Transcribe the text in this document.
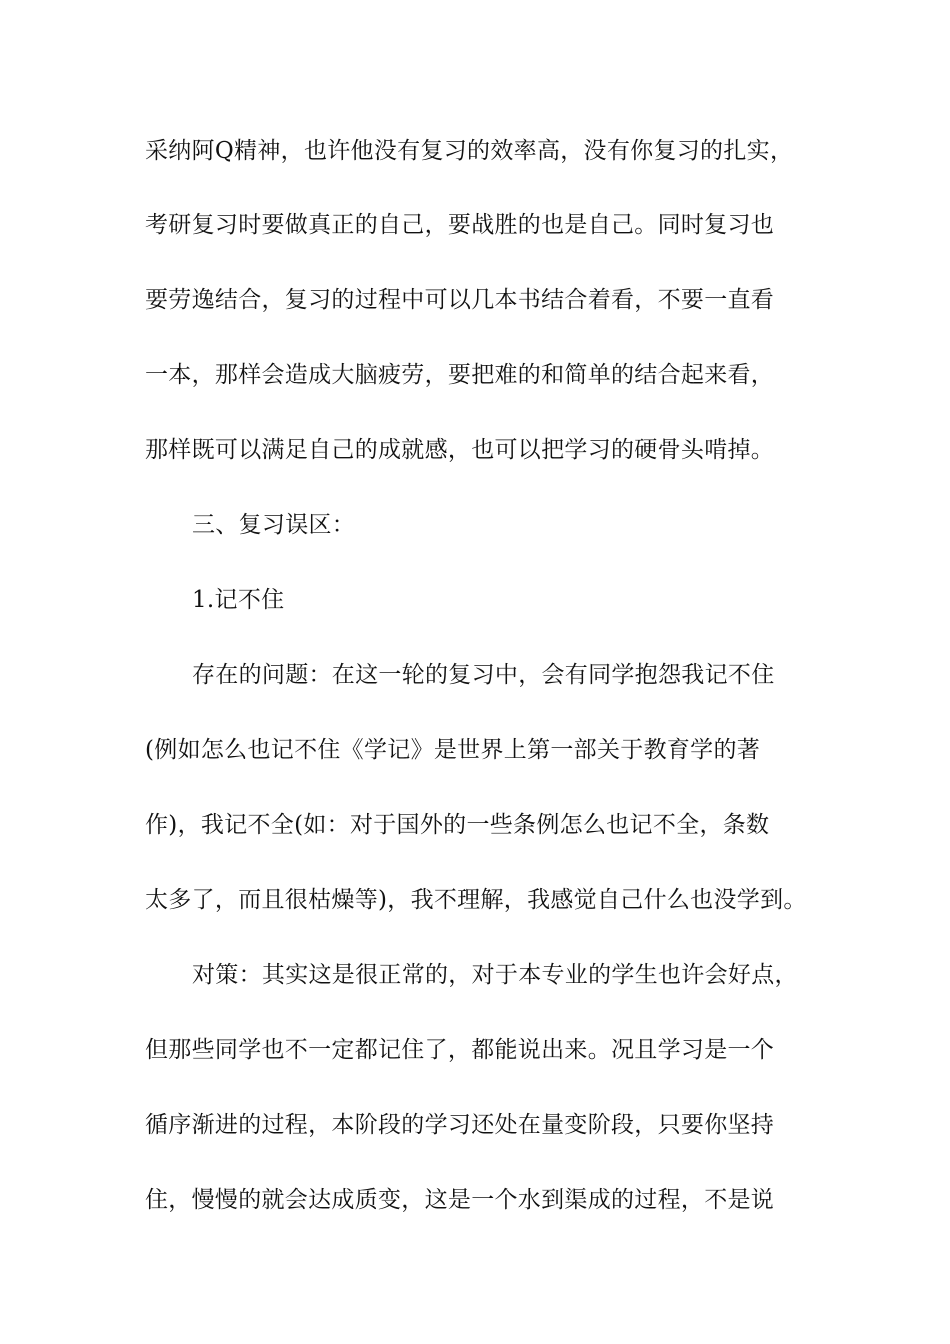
采纳阿Q精神，也许他没有复习的效率高，没有你复习的扎实，
考研复习时要做真正的自己，要战胜的也是自己。同时复习也
要劳逸结合，复习的过程中可以几本书结合着看，不要一直看
一本，那样会造成大脑疲劳，要把难的和简单的结合起来看，
那样既可以满足自己的成就感，也可以把学习的硬骨头啃掉。
三、复习误区：
1.记不住
存在的问题：在这一轮的复习中，会有同学抱怨我记不住
(例如怎么也记不住《学记》是世界上第一部关于教育学的著
作)，我记不全(如：对于国外的一些条例怎么也记不全，条数
太多了，而且很枯燥等)，我不理解，我感觉自己什么也没学到。
对策：其实这是很正常的，对于本专业的学生也许会好点，
但那些同学也不一定都记住了，都能说出来。况且学习是一个
循序渐进的过程，本阶段的学习还处在量变阶段，只要你坚持
住，慢慢的就会达成质变，这是一个水到渠成的过程，不是说
